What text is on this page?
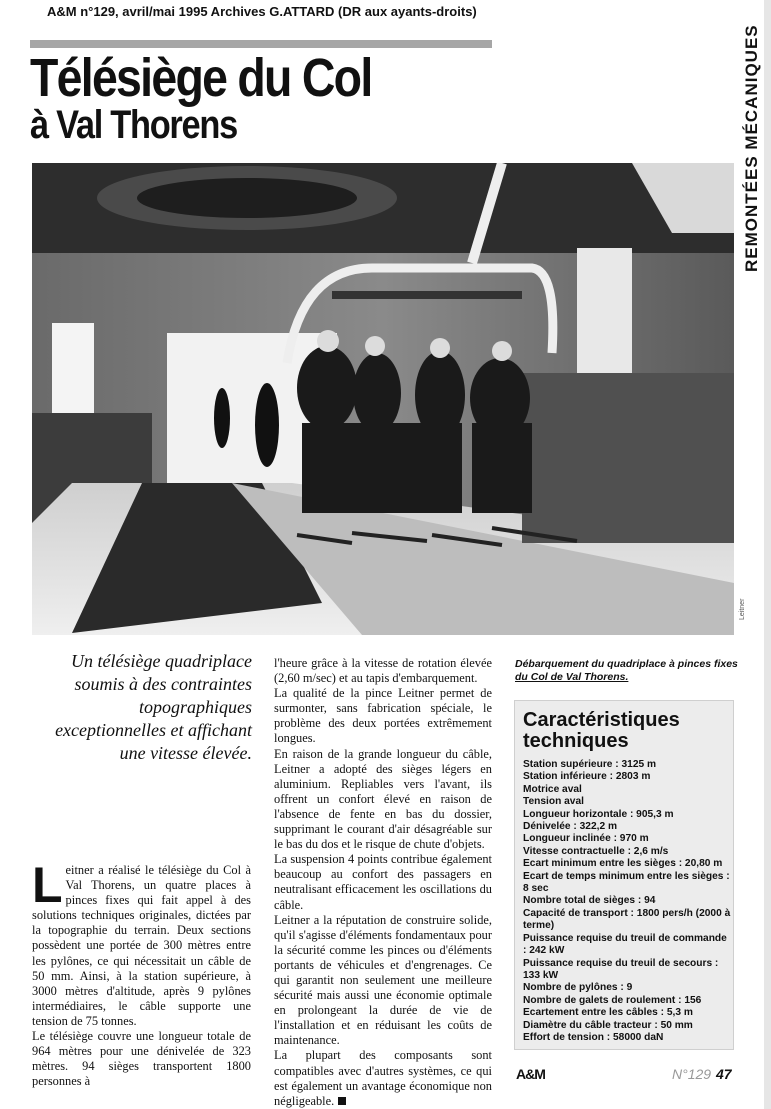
A&M n°129, avril/mai 1995 Archives G.ATTARD (DR aux ayants-droits)
REMONTÉES MÉCANIQUES
Télésiège du Col
à Val Thorens
Leitner
Un télésiège quadriplace soumis à des contraintes topographiques exceptionnelles et affichant une vitesse élevée.

Leitner a réalisé le télésiège du Col à Val Thorens, un quatre places à pinces fixes qui fait appel à des solutions techniques originales, dictées par la topographie du terrain. Deux sections possèdent une portée de 300 mètres entre les pylônes, ce qui nécessitait un câble de 50 mm. Ainsi, à la station supérieure, à 3000 mètres d'altitude, après 9 pylônes intermédiaires, le câble supporte une tension de 75 tonnes.

Le télésiège couvre une longueur totale de 964 mètres pour une dénivelée de 323 mètres. 94 sièges transportent 1800 personnes à

l'heure grâce à la vitesse de rotation élevée (2,60 m/sec) et au tapis d'embarquement.

La qualité de la pince Leitner permet de surmonter, sans fabrication spéciale, le problème des deux portées extrêmement longues.

En raison de la grande longueur du câble, Leitner a adopté des sièges légers en aluminium. Repliables vers l'avant, ils offrent un confort élevé en raison de l'absence de fente en bas du dossier, supprimant le courant d'air désagréable sur le bas du dos et le risque de chute d'objets.

La suspension 4 points contribue également beaucoup au confort des passagers en neutralisant efficacement les oscillations du câble.

Leitner a la réputation de construire solide, qu'il s'agisse d'éléments fondamentaux pour la sécurité comme les pinces ou d'éléments portants de véhicules et d'engrenages. Ce qui garantit non seulement une meilleure sécurité mais aussi une économie optimale en prolongeant la durée de vie de l'installation et en réduisant les coûts de maintenance.

La plupart des composants sont compatibles avec d'autres systèmes, ce qui est également un avantage économique non négligeable.

Débarquement du quadriplace à pinces fixes
du Col de Val Thorens.
Caractéristiques techniques
Station supérieure : 3125 m
Station inférieure : 2803 m
Motrice aval
Tension aval
Longueur horizontale : 905,3 m
Dénivelée : 322,2 m
Longueur inclinée : 970 m
Vitesse contractuelle : 2,6 m/s
Ecart minimum entre les sièges : 20,80 m
Ecart de temps minimum entre les sièges : 8 sec
Nombre total de sièges : 94
Capacité de transport : 1800 pers/h (2000 à terme)
Puissance requise du treuil de commande : 242 kW
Puissance requise du treuil de secours : 133 kW
Nombre de pylônes : 9
Nombre de galets de roulement : 156
Ecartement entre les câbles : 5,3 m
Diamètre du câble tracteur : 50 mm
Effort de tension : 58000 daN
A&M	N°129 47
